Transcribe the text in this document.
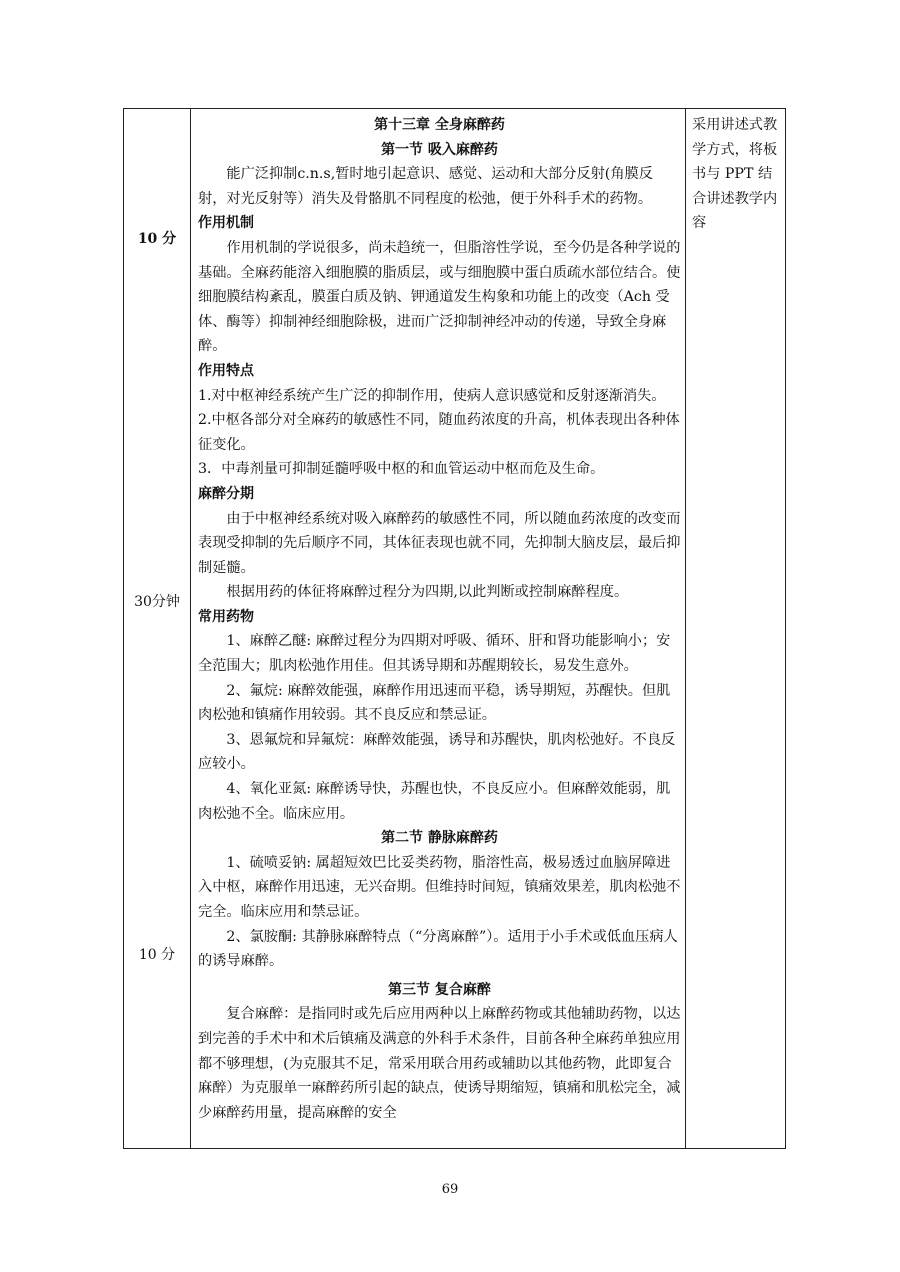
10 分
30分钟
10 分

第十三章 全身麻醉药

第一节 吸入麻醉药

能广泛抑制c.n.s,暂时地引起意识、感觉、运动和大部分反射(角膜反射，对光反射等）消失及骨骼肌不同程度的松弛，便于外科手术的药物。

作用机制

作用机制的学说很多，尚未趋统一，但脂溶性学说，至今仍是各种学说的基础。全麻药能溶入细胞膜的脂质层，或与细胞膜中蛋白质疏水部位结合。使细胞膜结构紊乱，膜蛋白质及钠、钾通道发生构象和功能上的改变（Ach 受体、酶等）抑制神经细胞除极，进而广泛抑制神经冲动的传递，导致全身麻醉。

作用特点

1.对中枢神经系统产生广泛的抑制作用，使病人意识感觉和反射逐渐消失。

2.中枢各部分对全麻药的敏感性不同，随血药浓度的升高，机体表现出各种体征变化。

3．中毒剂量可抑制延髓呼吸中枢的和血管运动中枢而危及生命。

麻醉分期

由于中枢神经系统对吸入麻醉药的敏感性不同，所以随血药浓度的改变而表现受抑制的先后顺序不同，其体征表现也就不同，先抑制大脑皮层，最后抑制延髓。

根据用药的体征将麻醉过程分为四期,以此判断或控制麻醉程度。

常用药物

1、麻醉乙醚: 麻醉过程分为四期对呼吸、循环、肝和肾功能影响小；安全范围大；肌肉松弛作用佳。但其诱导期和苏醒期较长，易发生意外。

2、氟烷: 麻醉效能强，麻醉作用迅速而平稳，诱导期短，苏醒快。但肌肉松弛和镇痛作用较弱。其不良反应和禁忌证。

3、恩氟烷和异氟烷：麻醉效能强，诱导和苏醒快，肌肉松弛好。不良反应较小。

4、氧化亚氮: 麻醉诱导快，苏醒也快，不良反应小。但麻醉效能弱，肌肉松弛不全。临床应用。

第二节 静脉麻醉药

1、硫喷妥钠: 属超短效巴比妥类药物，脂溶性高，极易透过血脑屏障进入中枢，麻醉作用迅速，无兴奋期。但维持时间短，镇痛效果差，肌肉松弛不完全。临床应用和禁忌证。

2、氯胺酮: 其静脉麻醉特点（“分离麻醉”）。适用于小手术或低血压病人的诱导麻醉。

第三节 复合麻醉

复合麻醉：是指同时或先后应用两种以上麻醉药物或其他辅助药物，以达到完善的手术中和术后镇痛及满意的外科手术条件，目前各种全麻药单独应用都不够理想，(为克服其不足，常采用联合用药或辅助以其他药物，此即复合麻醉）为克服单一麻醉药所引起的缺点，使诱导期缩短，镇痛和肌松完全，减少麻醉药用量，提高麻醉的安全

采用讲述式教学方式，将板书与 PPT 结合讲述教学内容
69
